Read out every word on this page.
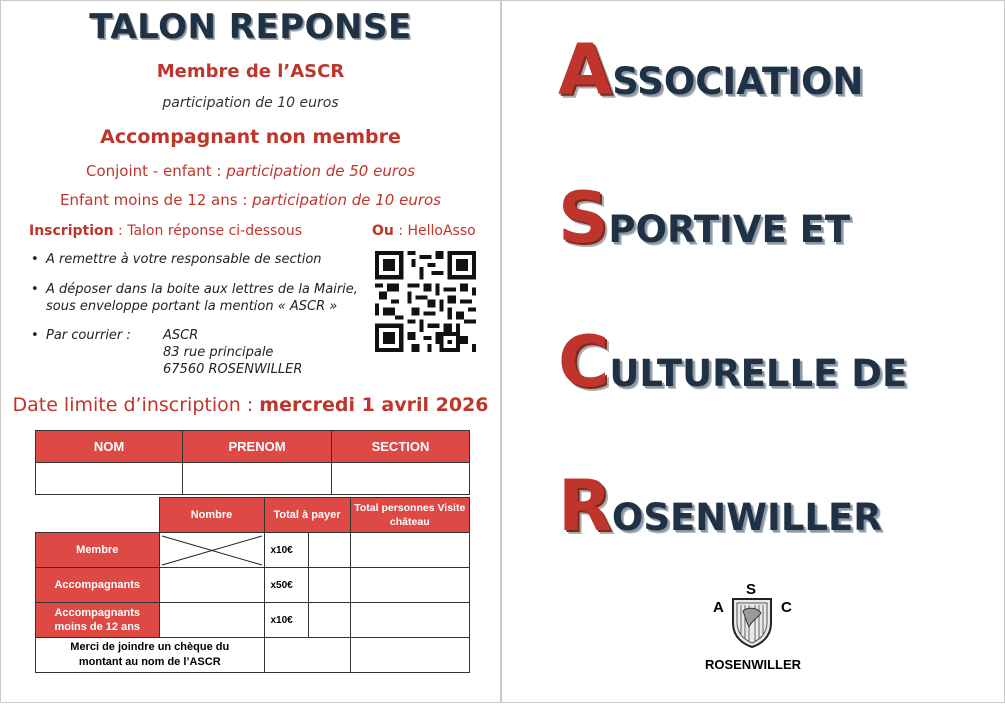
TALON REPONSE
Membre de l’ASCR
participation de 10 euros
Accompagnant non membre
Conjoint - enfant : participation de 50 euros
Enfant moins de 12 ans : participation de 10 euros
Inscription : Talon réponse ci-dessous	Ou : HelloAsso
• A remettre à votre responsable de section
• A déposer dans la boite aux lettres de la Mairie, sous enveloppe portant la mention « ASCR »
• Par courrier :	ASCR
83 rue principale
67560 ROSENWILLER
Date limite d’inscription : mercredi 1 avril 2026
NOM	PRENOM	SECTION

	Nombre	Total à payer		Total personnes Visite château
Membre		x10€		
Accompagnants		x50€		
Accompagnants moins de 12 ans		x10€		
Merci de joindre un chèque du montant au nom de l’ASCR				
ASSOCIATION
SPORTIVE ET
CULTURELLE DE
ROSENWILLER
S
A	C
ROSENWILLER
